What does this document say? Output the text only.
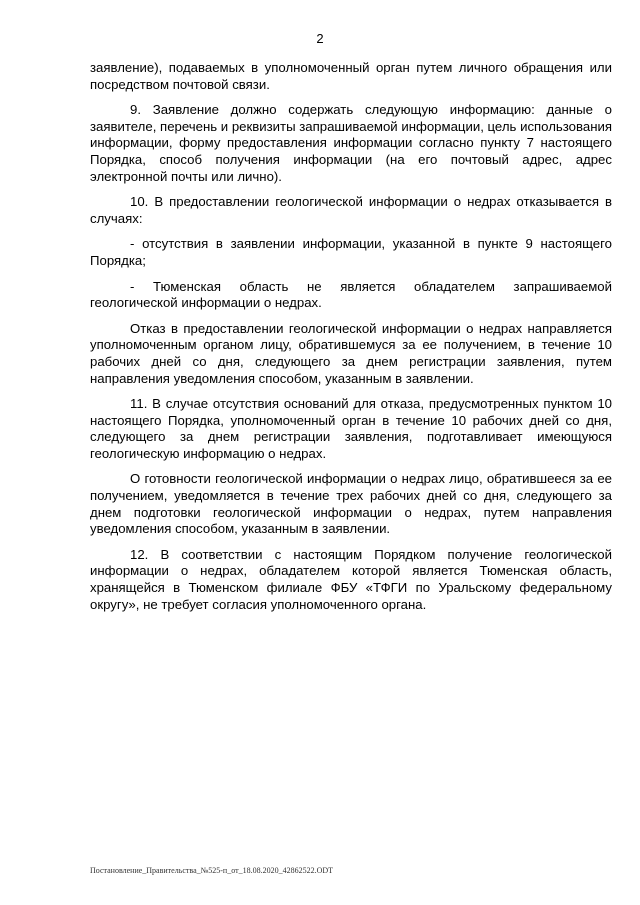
2

заявление), подаваемых в уполномоченный орган путем личного обращения или посредством почтовой связи.

9. Заявление должно содержать следующую информацию: данные о заявителе, перечень и реквизиты запрашиваемой информации, цель использования информации, форму предоставления информации согласно пункту 7 настоящего Порядка, способ получения информации (на его почтовый адрес, адрес электронной почты или лично).

10. В предоставлении геологической информации о недрах отказывается в случаях:

- отсутствия в заявлении информации, указанной в пункте 9 настоящего Порядка;

- Тюменская область не является обладателем запрашиваемой геологической информации о недрах.

Отказ в предоставлении геологической информации о недрах направляется уполномоченным органом лицу, обратившемуся за ее получением, в течение 10 рабочих дней со дня, следующего за днем регистрации заявления, путем направления уведомления способом, указанным в заявлении.

11. В случае отсутствия оснований для отказа, предусмотренных пунктом 10 настоящего Порядка, уполномоченный орган в течение 10 рабочих дней со дня, следующего за днем регистрации заявления, подготавливает имеющуюся геологическую информацию о недрах.

О готовности геологической информации о недрах лицо, обратившееся за ее получением, уведомляется в течение трех рабочих дней со дня, следующего за днем подготовки геологической информации о недрах, путем направления уведомления способом, указанным в заявлении.

12. В соответствии с настоящим Порядком получение геологической информации о недрах, обладателем которой является Тюменская область, хранящейся в Тюменском филиале ФБУ «ТФГИ по Уральскому федеральному округу», не требует согласия уполномоченного органа.

Постановление_Правительства_№525-п_от_18.08.2020_42862522.ODT
